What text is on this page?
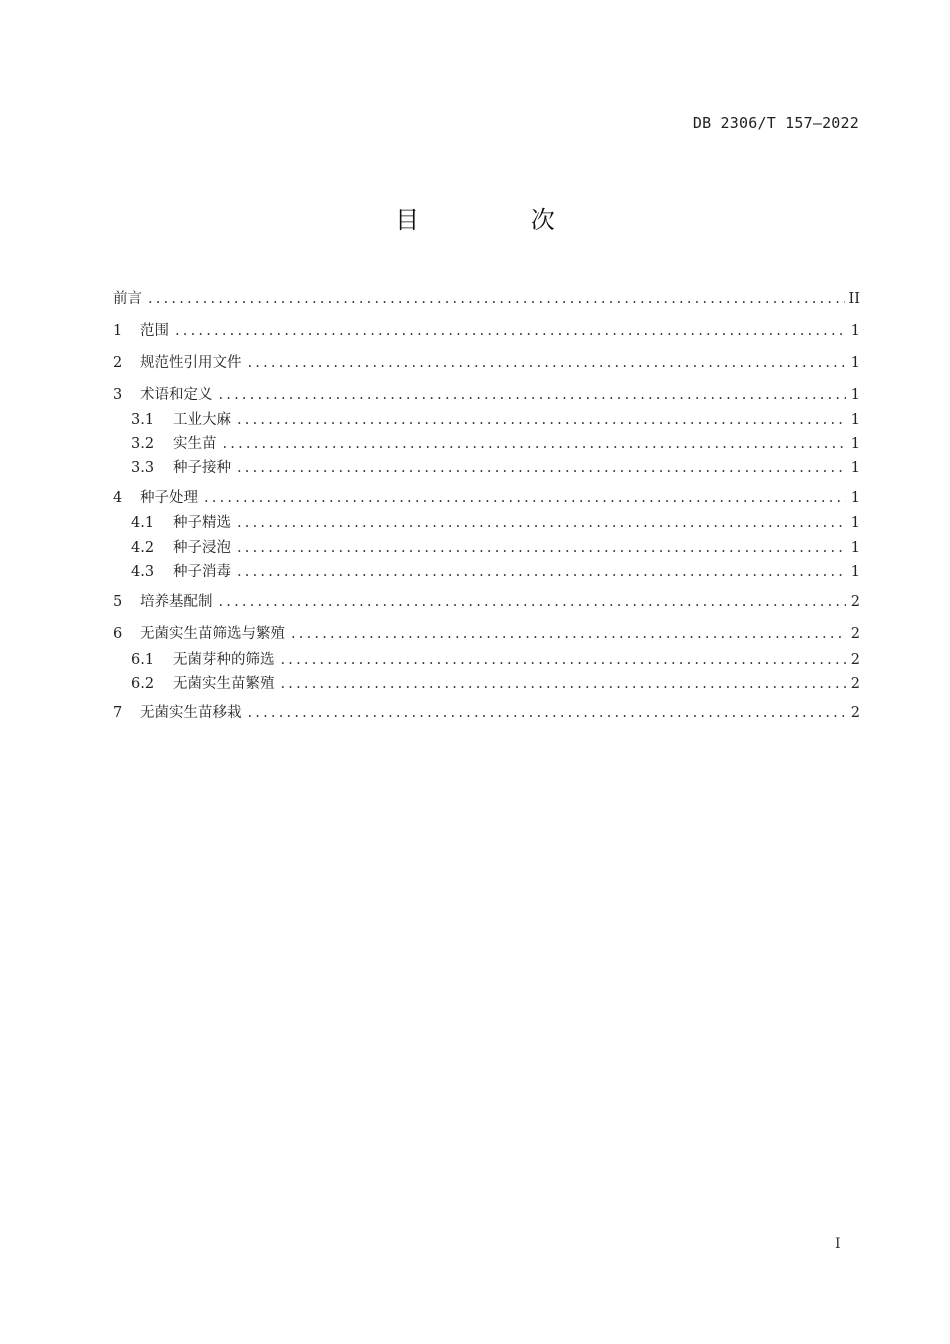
DB 2306/T 157—2022
目 次
前言 .....	II
1	范围 .....	1
2	规范性引用文件 .....	1
3	术语和定义 .....	1
3.1	工业大麻 .....	1
3.2	实生苗 .....	1
3.3	种子接种 .....	1
4	种子处理 .....	1
4.1	种子精选 .....	1
4.2	种子浸泡 .....	1
4.3	种子消毒 .....	1
5	培养基配制 .....	2
6	无菌实生苗筛选与繁殖 .....	2
6.1	无菌芽种的筛选 .....	2
6.2	无菌实生苗繁殖 .....	2
7	无菌实生苗移栽 .....	2
I
